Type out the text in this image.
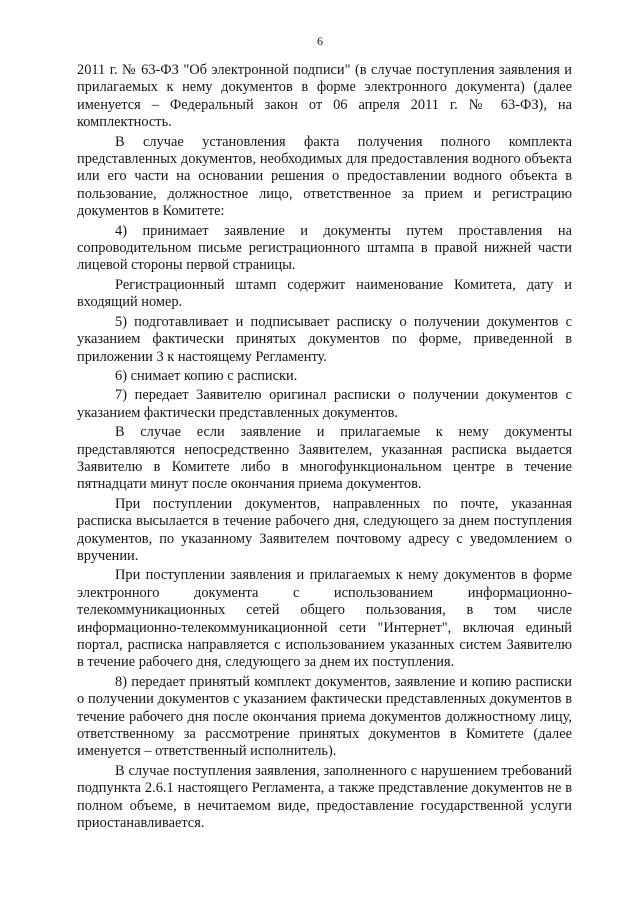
6

2011 г. № 63-ФЗ "Об электронной подписи" (в случае поступления заявления и прилагаемых к нему документов в форме электронного документа) (далее именуется – Федеральный закон от 06 апреля 2011 г. № 63-ФЗ), на комплектность.

В случае установления факта получения полного комплекта представленных документов, необходимых для предоставления водного объекта или его части на основании решения о предоставлении водного объекта в пользование, должностное лицо, ответственное за прием и регистрацию документов в Комитете:

4) принимает заявление и документы путем проставления на сопроводительном письме регистрационного штампа в правой нижней части лицевой стороны первой страницы.

Регистрационный штамп содержит наименование Комитета, дату и входящий номер.

5) подготавливает и подписывает расписку о получении документов с указанием фактически принятых документов по форме, приведенной в приложении 3 к настоящему Регламенту.

6) снимает копию с расписки.

7) передает Заявителю оригинал расписки о получении документов с указанием фактически представленных документов.

В случае если заявление и прилагаемые к нему документы представляются непосредственно Заявителем, указанная расписка выдается Заявителю в Комитете либо в многофункциональном центре в течение пятнадцати минут после окончания приема документов.

При поступлении документов, направленных по почте, указанная расписка высылается в течение рабочего дня, следующего за днем поступления документов, по указанному Заявителем почтовому адресу с уведомлением о вручении.

При поступлении заявления и прилагаемых к нему документов в форме электронного документа с использованием информационно-телекоммуникационных сетей общего пользования, в том числе информационно-телекоммуникационной сети "Интернет", включая единый портал, расписка направляется с использованием указанных систем Заявителю в течение рабочего дня, следующего за днем их поступления.

8) передает принятый комплект документов, заявление и копию расписки о получении документов с указанием фактически представленных документов в течение рабочего дня после окончания приема документов должностному лицу, ответственному за рассмотрение принятых документов в Комитете (далее именуется – ответственный исполнитель).

В случае поступления заявления, заполненного с нарушением требований подпункта 2.6.1 настоящего Регламента, а также представление документов не в полном объеме, в нечитаемом виде, предоставление государственной услуги приостанавливается.
